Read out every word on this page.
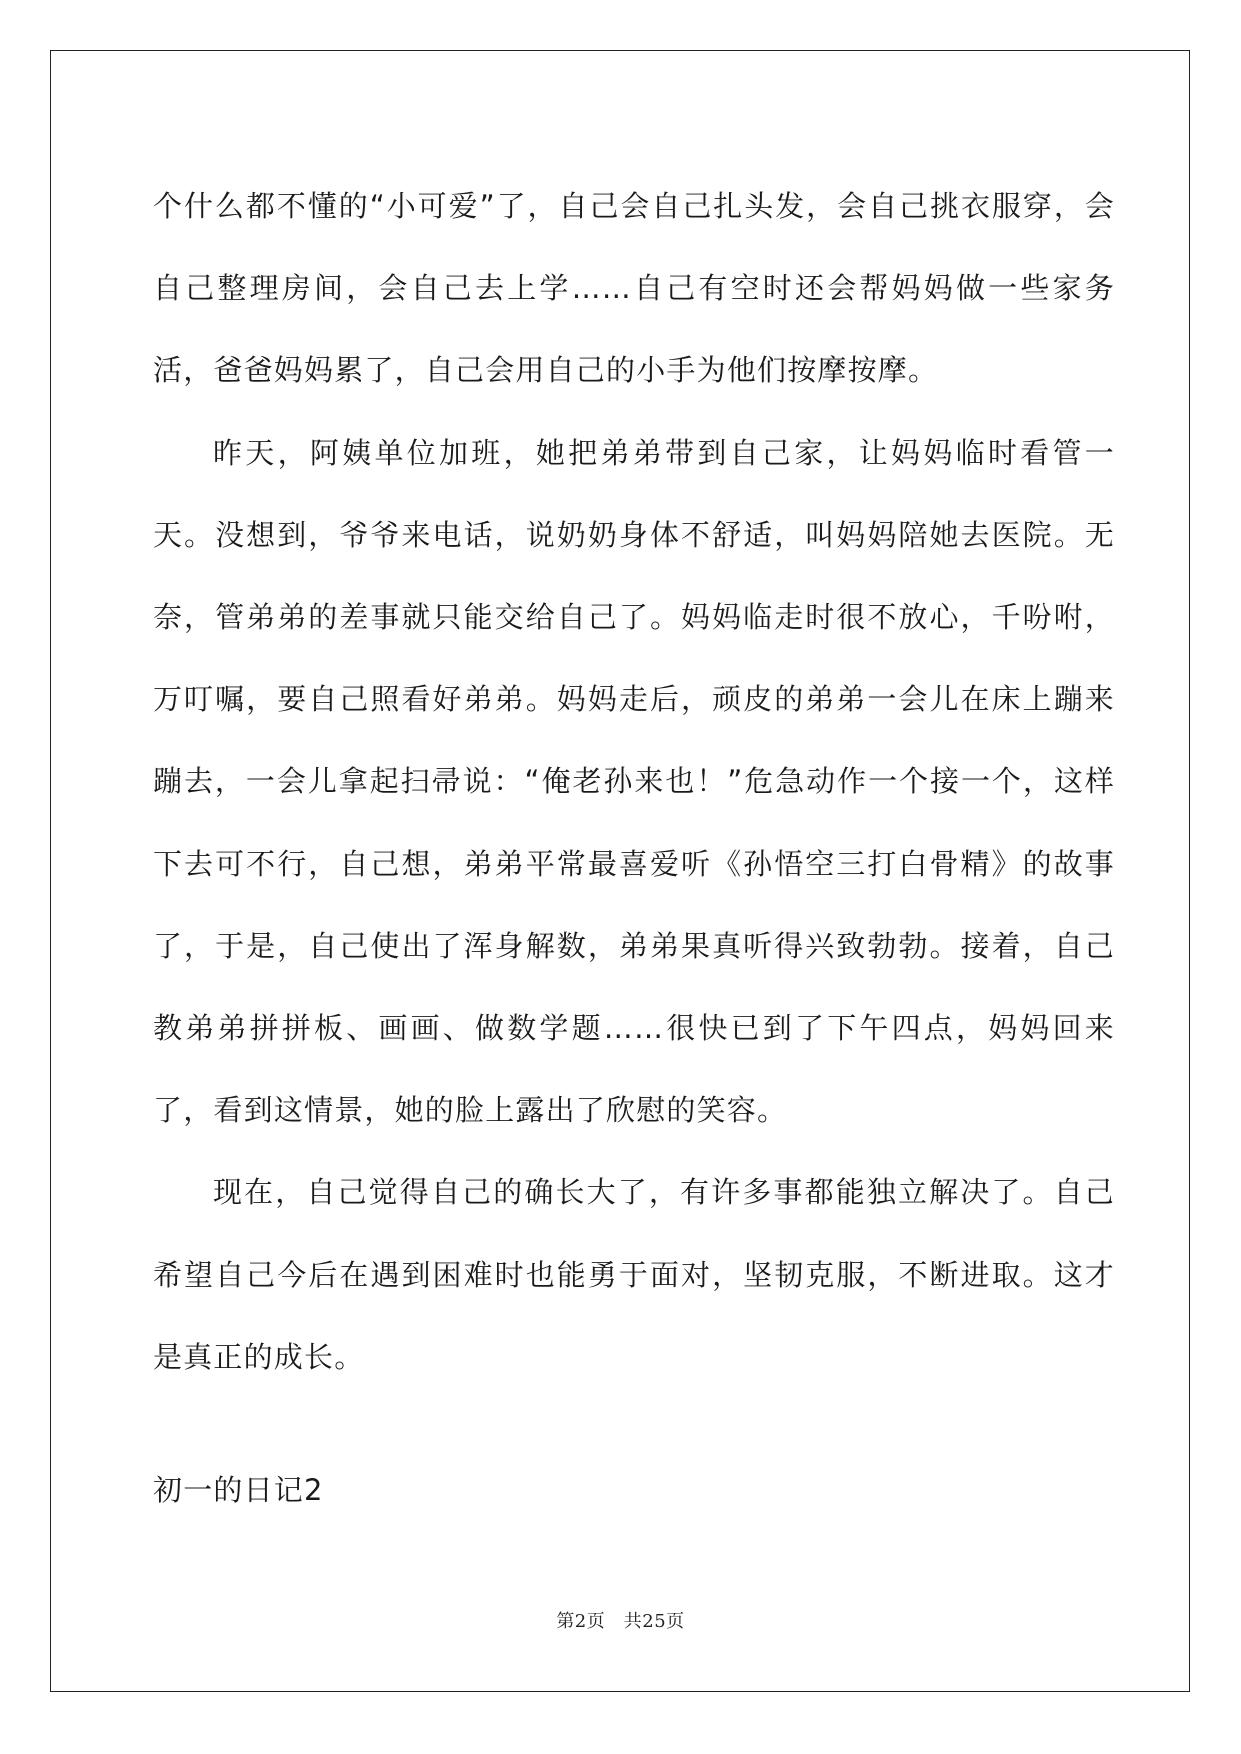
个什么都不懂的“小可爱”了，自己会自己扎头发，会自己挑衣服穿，会自己整理房间，会自己去上学……自己有空时还会帮妈妈做一些家务活，爸爸妈妈累了，自己会用自己的小手为他们按摩按摩。

昨天，阿姨单位加班，她把弟弟带到自己家，让妈妈临时看管一天。没想到，爷爷来电话，说奶奶身体不舒适，叫妈妈陪她去医院。无奈，管弟弟的差事就只能交给自己了。妈妈临走时很不放心，千吩咐，万叮嘱，要自己照看好弟弟。妈妈走后，顽皮的弟弟一会儿在床上蹦来蹦去，一会儿拿起扫帚说：“俺老孙来也！”危急动作一个接一个，这样下去可不行，自己想，弟弟平常最喜爱听《孙悟空三打白骨精》的故事了，于是，自己使出了浑身解数，弟弟果真听得兴致勃勃。接着，自己教弟弟拼拼板、画画、做数学题……很快已到了下午四点，妈妈回来了，看到这情景，她的脸上露出了欣慰的笑容。

现在，自己觉得自己的确长大了，有许多事都能独立解决了。自己希望自己今后在遇到困难时也能勇于面对，坚韧克服，不断进取。这才是真正的成长。

初一的日记2
第2页　共25页
